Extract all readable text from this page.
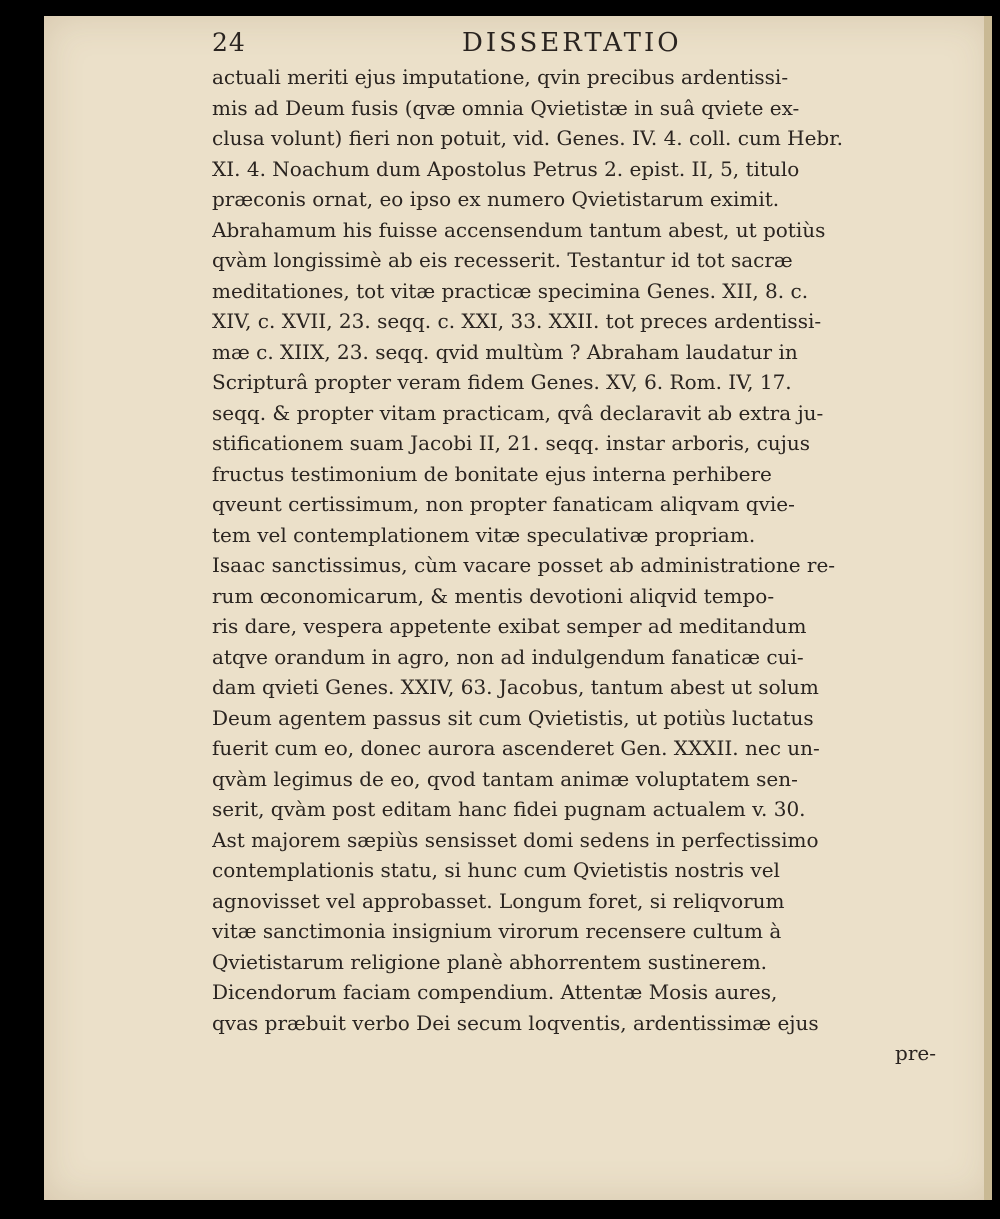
24	DISSERTATIO
actuali meriti ejus imputatione, qvin precibus ardentissi-
mis ad Deum fusis (qvæ omnia Qvietistæ in suâ qviete ex-
clusa volunt) fieri non potuit, vid. Genes. IV. 4. coll. cum Hebr.
XI. 4. Noachum dum Apostolus Petrus 2. epist. II, 5, titulo
præconis ornat, eo ipso ex numero Qvietistarum eximit.
Abrahamum his fuisse accensendum tantum abest, ut potiùs
qvàm longissimè ab eis recesserit. Testantur id tot sacræ
meditationes, tot vitæ practicæ specimina Genes. XII, 8. c.
XIV, c. XVII, 23. seqq. c. XXI, 33. XXII. tot preces ardentissi-
mæ c. XIIX, 23. seqq. qvid multùm ? Abraham laudatur in
Scripturâ propter veram fidem Genes. XV, 6. Rom. IV, 17.
seqq. & propter vitam practicam, qvâ declaravit ab extra ju-
stificationem suam Jacobi II, 21. seqq. instar arboris, cujus
fructus testimonium de bonitate ejus interna perhibere
qveunt certissimum, non propter fanaticam aliqvam qvie-
tem vel contemplationem vitæ speculativæ propriam.
Isaac sanctissimus, cùm vacare posset ab administratione re-
rum œconomicarum, & mentis devotioni aliqvid tempo-
ris dare, vespera appetente exibat semper ad meditandum
atqve orandum in agro, non ad indulgendum fanaticæ cui-
dam qvieti Genes. XXIV, 63. Jacobus, tantum abest ut solum
Deum agentem passus sit cum Qvietistis, ut potiùs luctatus
fuerit cum eo, donec aurora ascenderet Gen. XXXII. nec un-
qvàm legimus de eo, qvod tantam animæ voluptatem sen-
serit, qvàm post editam hanc fidei pugnam actualem v. 30.
Ast majorem sæpiùs sensisset domi sedens in perfectissimo
contemplationis statu, si hunc cum Qvietistis nostris vel
agnovisset vel approbasset. Longum foret, si reliqvorum
vitæ sanctimonia insignium virorum recensere cultum à
Qvietistarum religione planè abhorrentem sustinerem.
Dicendorum faciam compendium. Attentæ Mosis aures,
qvas præbuit verbo Dei secum loqventis, ardentissimæ ejus
pre-
